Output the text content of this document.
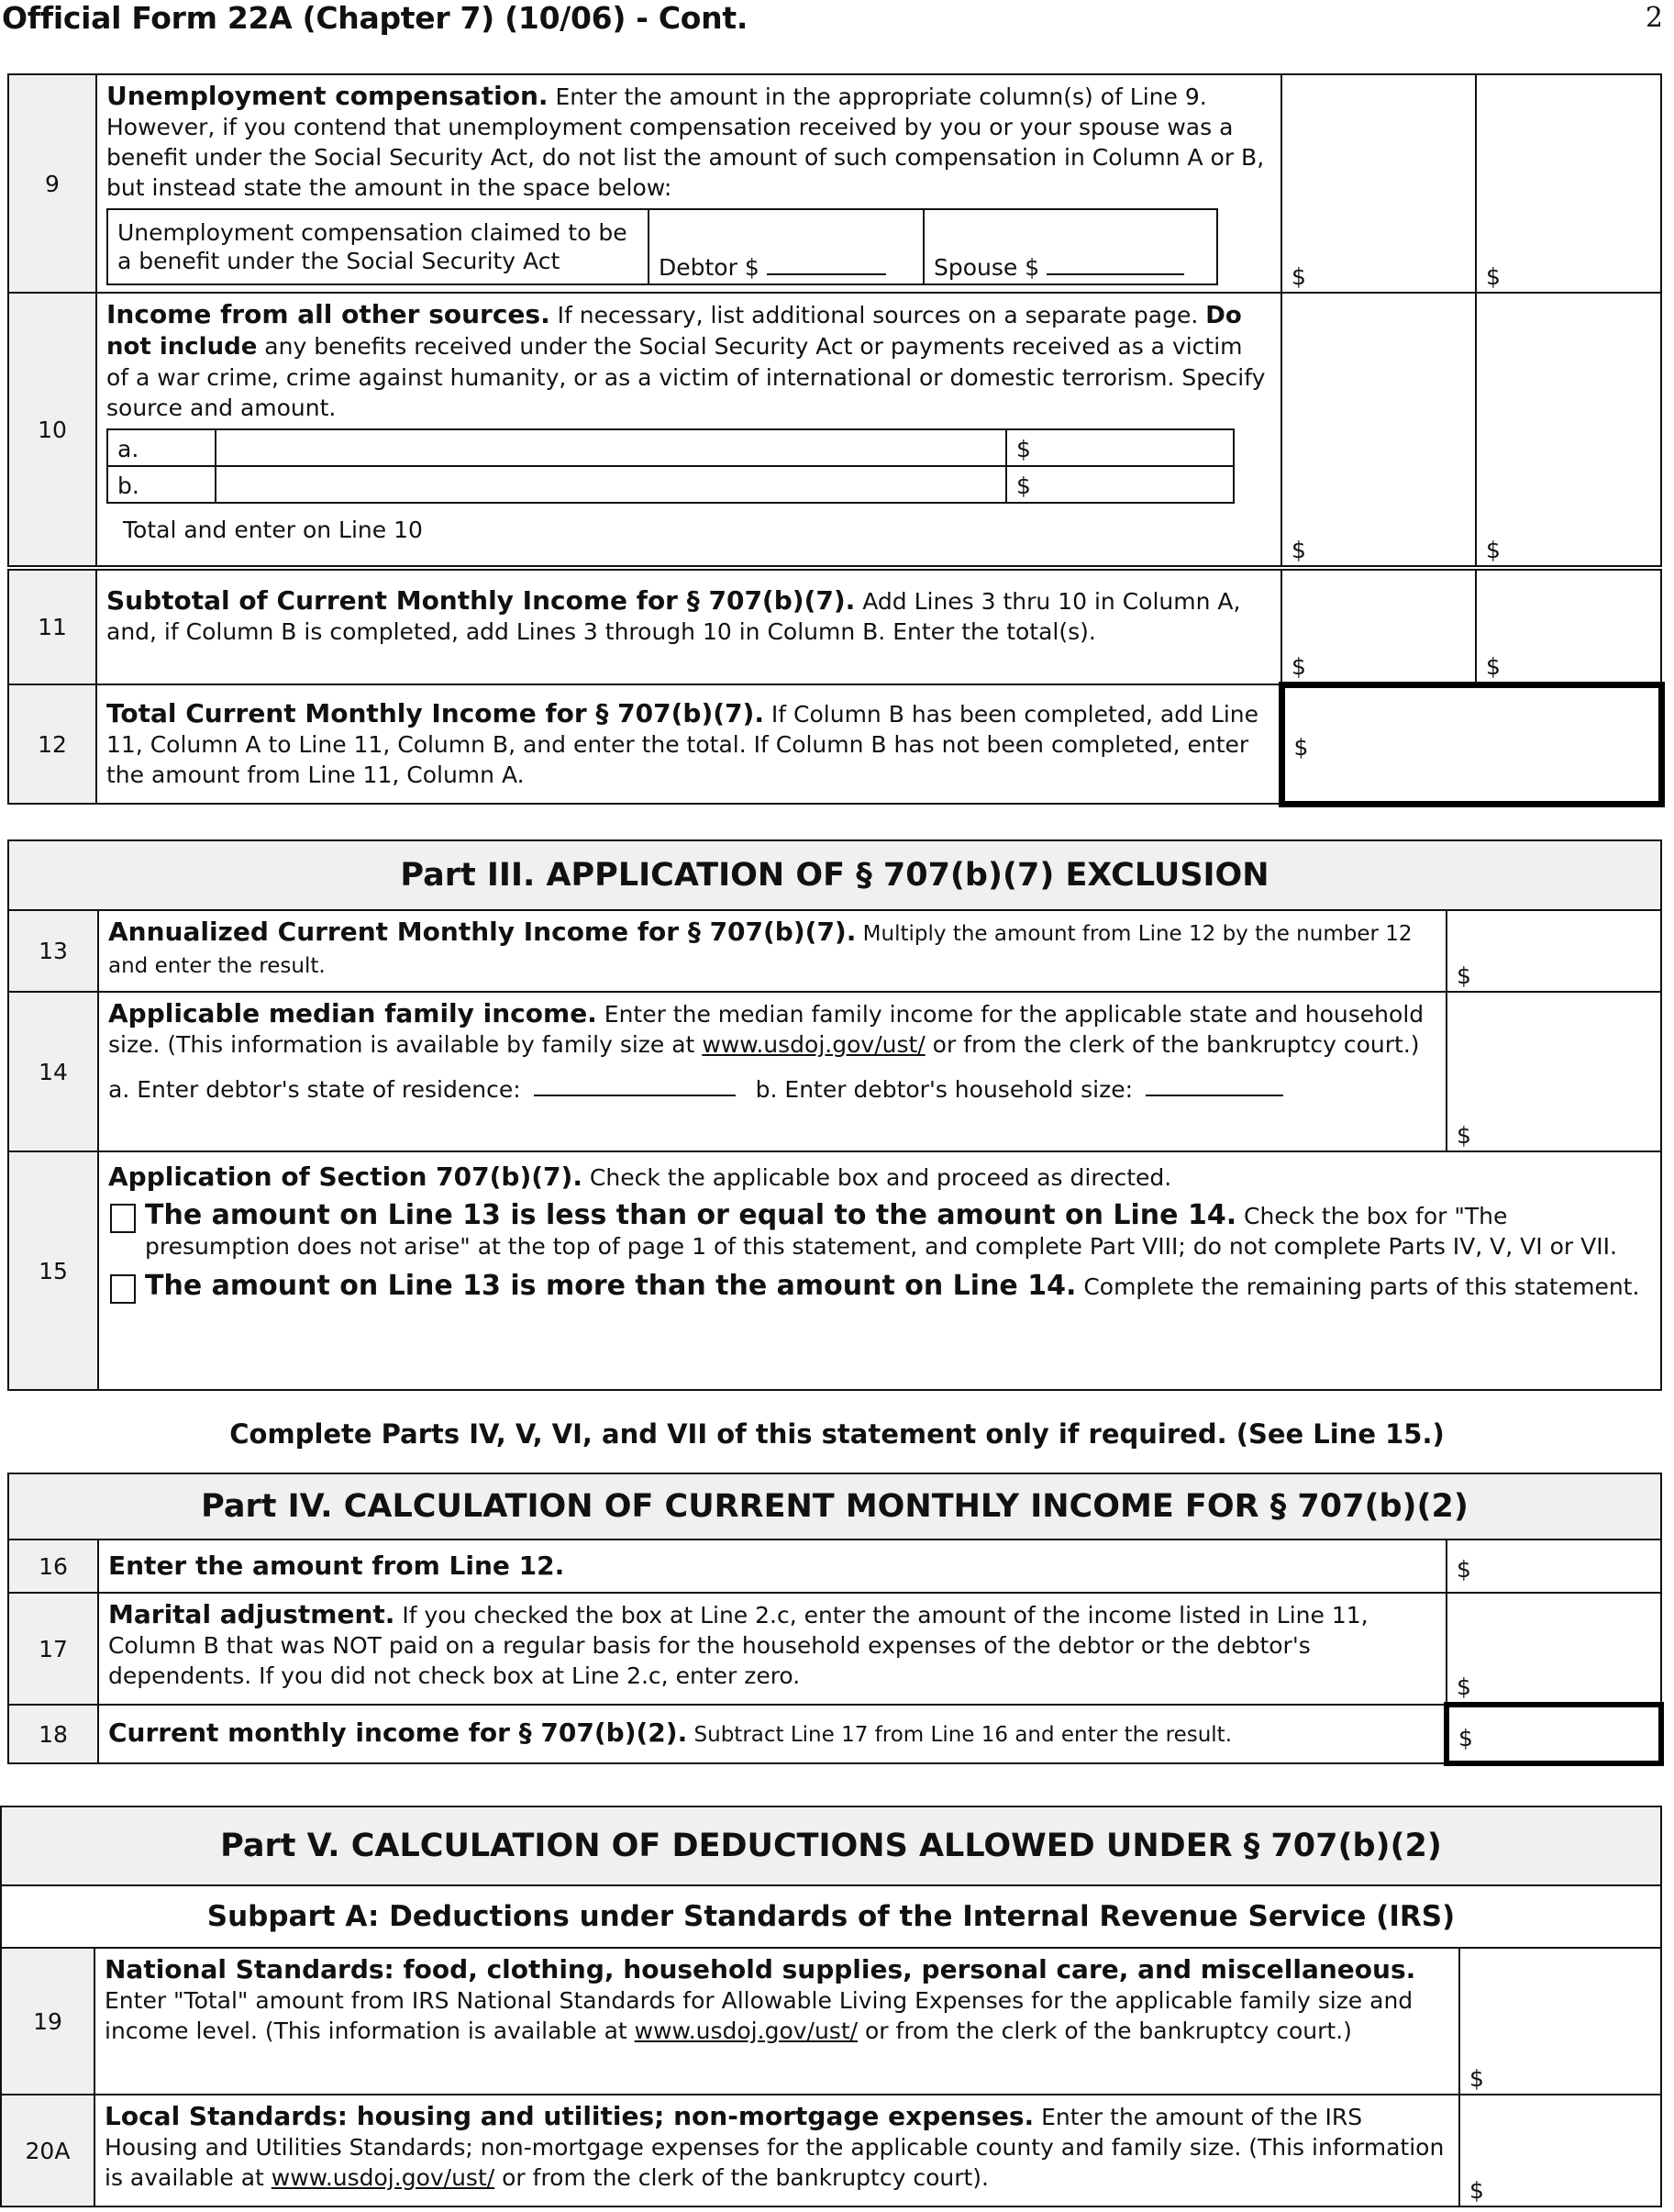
Official Form 22A (Chapter 7) (10/06) - Cont.	2
9	Unemployment compensation. Enter the amount in the appropriate column(s) of Line 9. However, if you contend that unemployment compensation received by you or your spouse was a benefit under the Social Security Act, do not list the amount of such compensation in Column A or B, but instead state the amount in the space below:
Unemployment compensation claimed to be a benefit under the Social Security Act	Debtor $	Spouse $
		$	$

10	Income from all other sources. If necessary, list additional sources on a separate page. Do not include any benefits received under the Social Security Act or payments received as a victim of a war crime, crime against humanity, or as a victim of international or domestic terrorism. Specify source and amount.
a.		$
b.		$
Total and enter on Line 10

$	$

11	Subtotal of Current Monthly Income for § 707(b)(7). Add Lines 3 thru 10 in Column A, and, if Column B is completed, add Lines 3 through 10 in Column B. Enter the total(s).	
$	$

12	Total Current Monthly Income for § 707(b)(7). If Column B has been completed, add Line 11, Column A to Line 11, Column B, and enter the total. If Column B has not been completed, enter the amount from Line 11, Column A.	
$
Part III. APPLICATION OF § 707(b)(7) EXCLUSION		
13	Annualized Current Monthly Income for § 707(b)(7). Multiply the amount from Line 12 by the number 12 and enter the result.	$

14	Applicable median family income. Enter the median family income for the applicable state and household size. (This information is available by family size at www.usdoj.gov/ust/ or from the clerk of the bankruptcy court.)
a. Enter debtor's state of residence: b. Enter debtor's household size:	$

15	Application of Section 707(b)(7). Check the applicable box and proceed as directed.
The amount on Line 13 is less than or equal to the amount on Line 14. Check the box for "The presumption does not arise" at the top of page 1 of this statement, and complete Part VIII; do not complete Parts IV, V, VI or VII.
The amount on Line 13 is more than the amount on Line 14. Complete the remaining parts of this statement.	
Complete Parts IV, V, VI, and VII of this statement only if required. (See Line 15.)
Part IV. CALCULATION OF CURRENT MONTHLY INCOME FOR § 707(b)(2)		
16	Enter the amount from Line 12.	$

17	Marital adjustment. If you checked the box at Line 2.c, enter the amount of the income listed in Line 11, Column B that was NOT paid on a regular basis for the household expenses of the debtor or the debtor's dependents. If you did not check box at Line 2.c, enter zero.	$

18	Current monthly income for § 707(b)(2). Subtract Line 17 from Line 16 and enter the result.	$
Part V. CALCULATION OF DEDUCTIONS ALLOWED UNDER § 707(b)(2)		
Subpart A: Deductions under Standards of the Internal Revenue Service (IRS)		
19	National Standards: food, clothing, household supplies, personal care, and miscellaneous. Enter "Total" amount from IRS National Standards for Allowable Living Expenses for the applicable family size and income level. (This information is available at www.usdoj.gov/ust/ or from the clerk of the bankruptcy court.)	$

20A	Local Standards: housing and utilities; non-mortgage expenses. Enter the amount of the IRS Housing and Utilities Standards; non-mortgage expenses for the applicable county and family size. (This information is available at www.usdoj.gov/ust/ or from the clerk of the bankruptcy court).	$
